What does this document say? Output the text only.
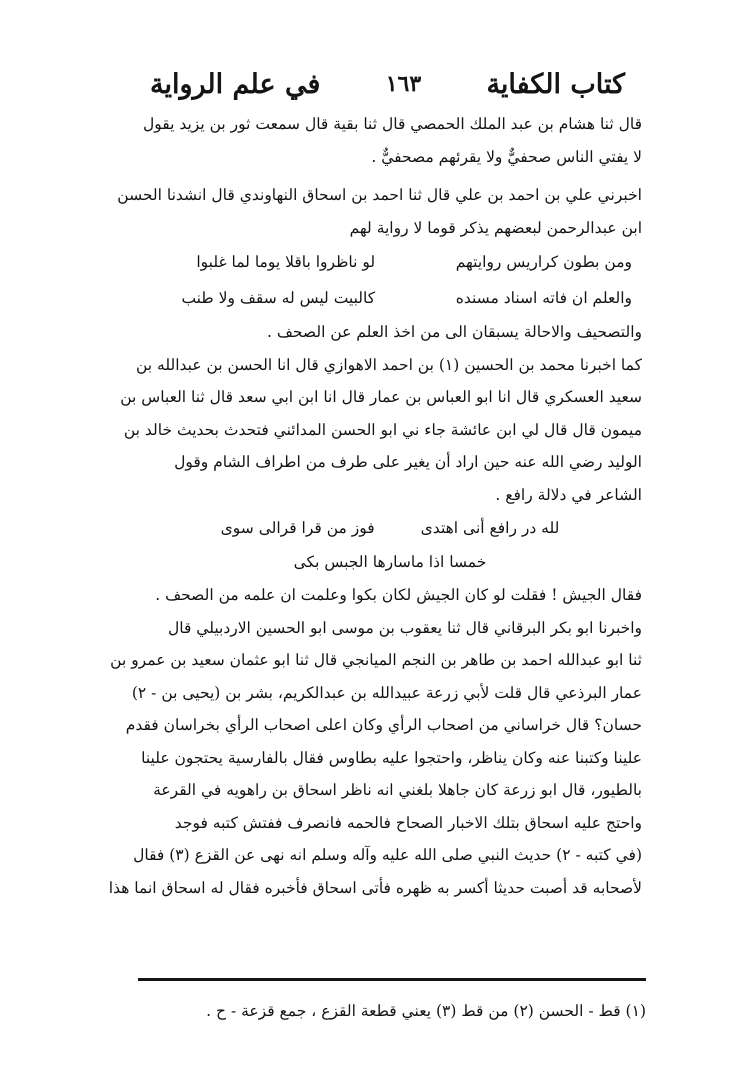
كتاب الكفاية
١٦٣
في علم الرواية
قال ثنا هشام بن عبد الملك الحمصي قال ثنا بقية قال سمعت ثور بن يزيد يقول
لا يفتي الناس صحفيٌّ ولا يقرئهم مصحفيٌّ .
اخبرني علي بن احمد بن علي قال ثنا احمد بن اسحاق النهاوندي قال انشدنا الحسن
ابن عبدالرحمن لبعضهم يذكر قوما لا رواية لهم
ومن بطون كراريس روايتهم
لو ناظروا باقلا يوما لما غلبوا
والعلم ان فاته اسناد مسنده
كالبيت ليس له سقف ولا طنب
والتصحيف والاحالة يسبقان الى من اخذ العلم عن الصحف .
كما اخبرنا محمد بن الحسين (١) بن احمد الاهوازي قال انا الحسن بن عبدالله بن
سعيد العسكري قال انا ابو العباس بن عمار قال انا ابن ابي سعد قال ثنا العباس بن
ميمون قال قال لي ابن عائشة جاء ني ابو الحسن المدائني فتحدث بحديث خالد بن
الوليد رضي الله عنه حين اراد أن يغير على طرف من اطراف الشام وقول
الشاعر في دلالة رافع .
لله در رافع أنى اهتدى
فوز من قرا قرالى سوى
خمسا اذا ماسارها الجبس بكى
فقال الجيش ! فقلت لو كان الجيش لكان بكوا وعلمت ان علمه من الصحف .
واخبرنا ابو بكر البرقاني قال ثنا يعقوب بن موسى ابو الحسين الاردبيلي قال
ثنا ابو عبدالله احمد بن طاهر بن النجم الميانجي قال ثنا ابو عثمان سعيد بن عمرو بن
عمار البرذعي قال قلت لأبي زرعة عبيدالله بن عبدالكريم، بشر بن (يحيى بن - ٢)
حسان؟ قال خراساني من اصحاب الرأي وكان اعلى اصحاب الرأي بخراسان فقدم
علينا وكتبنا عنه وكان يناظر، واحتجوا عليه بطاوس فقال بالفارسية يحتجون علينا
بالطيور، قال ابو زرعة كان جاهلا بلغني انه ناظر اسحاق بن راهويه في القرعة
واحتج عليه اسحاق بتلك الاخبار الصحاح فالحمه فانصرف ففتش كتبه فوجد
(في كتبه - ٢) حديث النبي صلى الله عليه وآله وسلم انه نهى عن القزع (٣) فقال
لأصحابه قد أصبت حديثا أكسر به ظهره فأتى اسحاق فأخبره فقال له اسحاق انما هذا
(١) قط - الحسن (٢) من قط (٣) يعني قطعة القزع ، جمع قزعة - ح .
